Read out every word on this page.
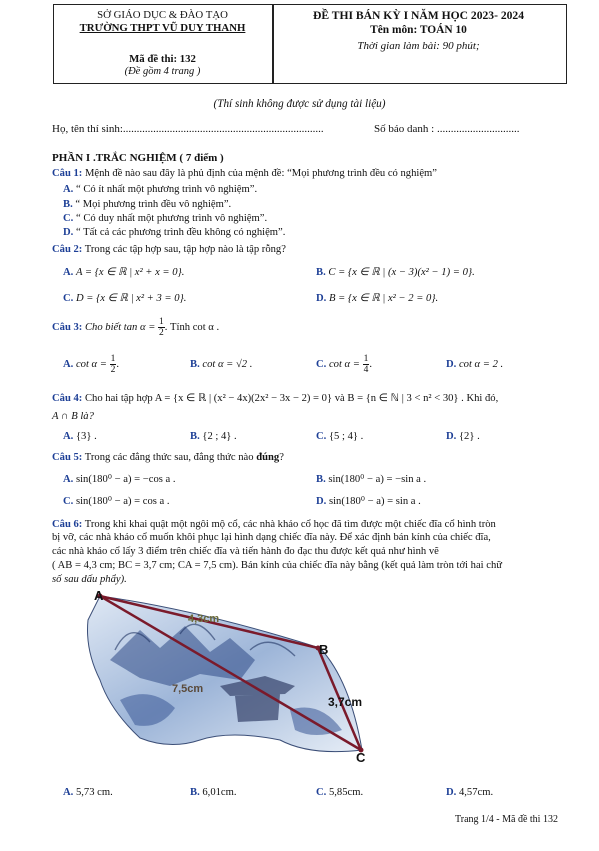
SỞ GIÁO DỤC & ĐÀO TẠO
TRƯỜNG THPT VŨ DUY THANH
Mã đề thi: 132
(Đề gồm 4 trang )
ĐỀ THI BÁN KỲ I NĂM HỌC 2023- 2024
Tên môn: TOÁN 10
Thời gian làm bài: 90 phút;
(Thí sinh không được sử dụng tài liệu)
Họ, tên thí sinh:.........................................................................	Số báo danh : ..............................
PHẦN I .TRẮC NGHIỆM ( 7 điểm )
Câu 1: Mệnh đề nào sau đây là phủ định của mệnh đề: “Mọi phương trình đều có nghiệm”
A. “ Có ít nhất một phương trình vô nghiệm”.
B. “ Mọi phương trình đều vô nghiệm”.
C. “ Có duy nhất một phương trình vô nghiệm”.
D. “ Tất cả các phương trình đều không có nghiệm”.
Câu 2: Trong các tập hợp sau, tập hợp nào là tập rỗng?
A. A = {x ∈ ℝ | x² + x = 0}.	B. C = {x ∈ ℝ | (x − 3)(x² − 1) = 0}.
C. D = {x ∈ ℝ | x² + 3 = 0}.	D. B = {x ∈ ℝ | x² − 2 = 0}.
Câu 3: Cho biết $\tan \alpha = \frac{1}{2}$ . Tính cot α .
A. $\cot \alpha = \frac{1}{2}$ .	B. cot α = √2 .	C. $\cot \alpha = \frac{1}{4}$ .	D. cot α = 2 .
Câu 4: Cho hai tập hợp A = {x ∈ ℝ | (x² − 4x)(2x² − 3x − 2) = 0} và B = {n ∈ ℕ | 3 < n² < 30} . Khi đó,
A ∩ B là?
A. {3} .	B. {2 ; 4} .	C. {5 ; 4} .	D. {2} .
Câu 5: Trong các đẳng thức sau, đẳng thức nào đúng?
A. sin(180⁰ − a) = −cos a .	B. sin(180⁰ − a) = −sin a .
C. sin(180⁰ − a) = cos a .	D. sin(180⁰ − a) = sin a .
Câu 6: Trong khi khai quật một ngôi mộ cổ, các nhà khảo cổ học đã tìm được một chiếc đĩa cổ hình tròn
bị vỡ, các nhà khảo cổ muốn khôi phục lại hình dạng chiếc đĩa này. Để xác định bán kính của chiếc đĩa,
các nhà khảo cổ lấy 3 điểm trên chiếc đĩa và tiến hành đo đạc thu được kết quả như hình vẽ
( AB = 4,3 cm; BC = 3,7 cm; CA = 7,5 cm). Bán kính của chiếc đĩa này bằng (kết quả làm tròn tới hai chữ
số sau dấu phẩy).
A
B
C
4,3cm
3,7cm
7,5cm
A. 5,73 cm.	B. 6,01cm.	C. 5,85cm.	D. 4,57cm.
Trang 1/4 - Mã đề thi 132
